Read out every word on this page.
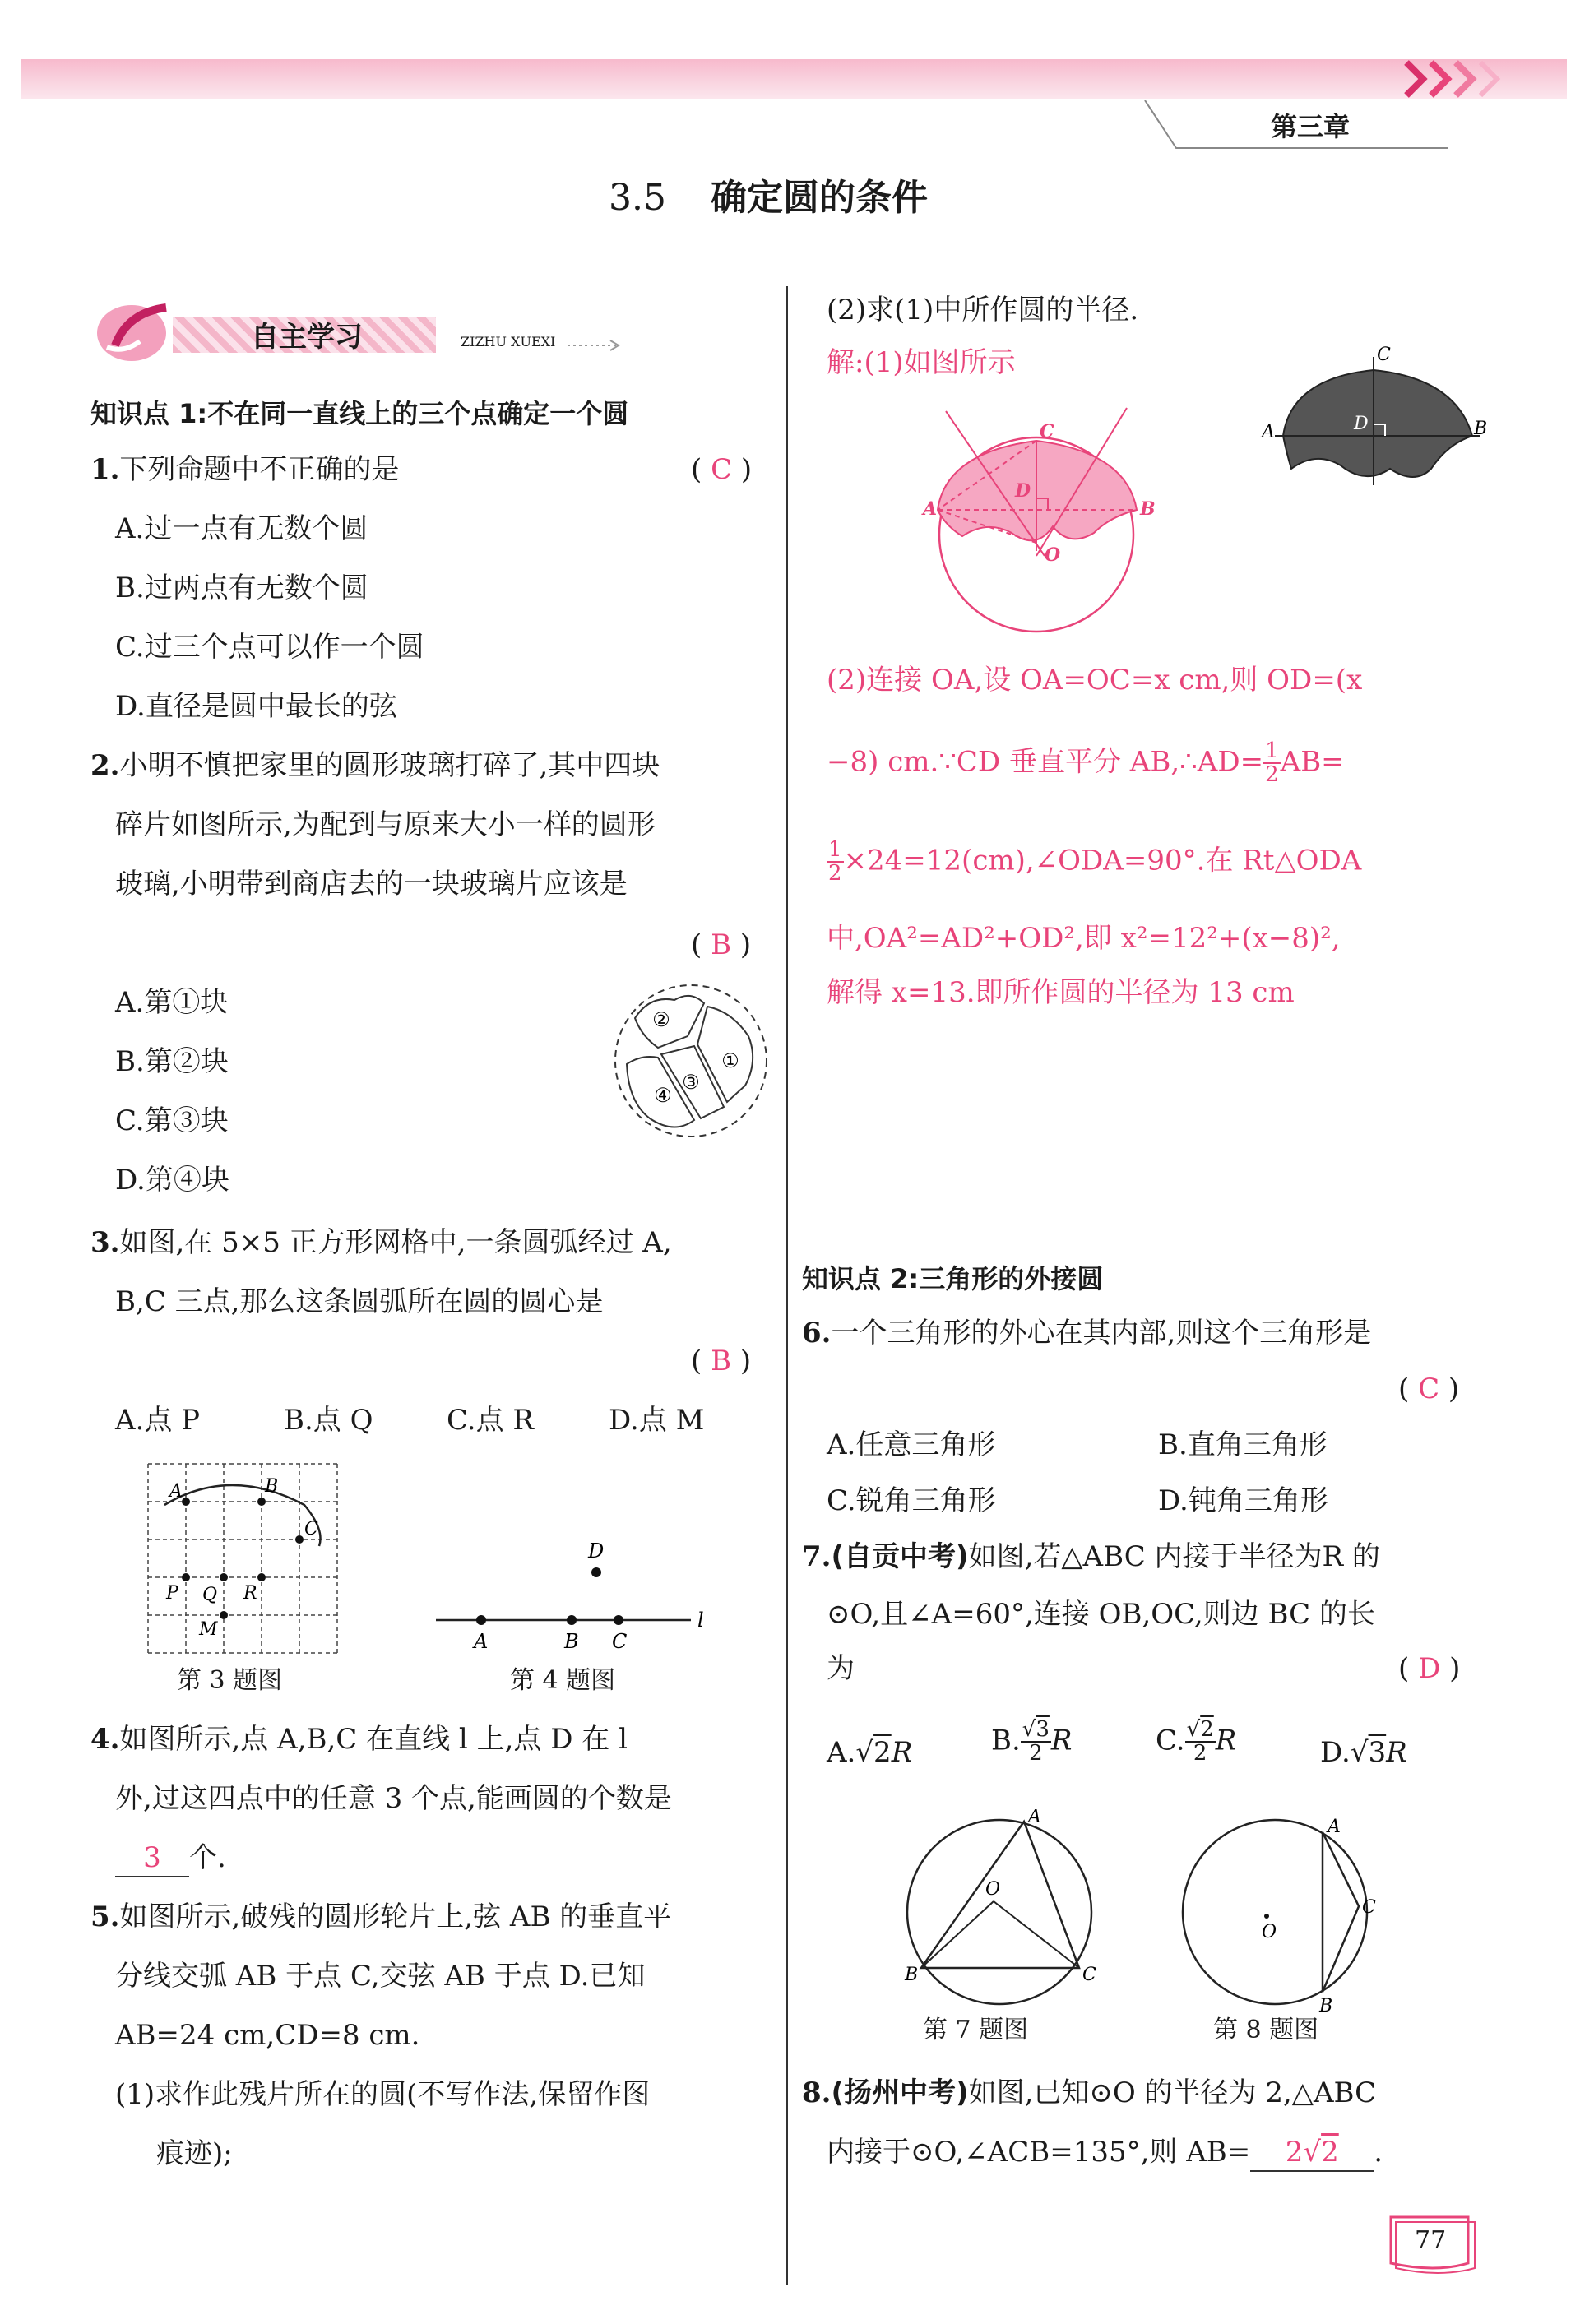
第三章
3.5 确定圆的条件
自主学习	ZIZHU XUEXI
知识点 1:不在同一直线上的三个点确定一个圆
1.下列命题中不正确的是	( C )
A.过一点有无数个圆
B.过两点有无数个圆
C.过三个点可以作一个圆
D.直径是圆中最长的弦
2.小明不慎把家里的圆形玻璃打碎了,其中四块
碎片如图所示,为配到与原来大小一样的圆形
玻璃,小明带到商店去的一块玻璃片应该是
( B )
A.第①块
B.第②块
C.第③块
D.第④块
①
②
③
④
3.如图,在 5×5 正方形网格中,一条圆弧经过 A,
B,C 三点,那么这条圆弧所在圆的圆心是
( B )
A.点 P	B.点 Q	C.点 R	D.点 M
A	B
C
P Q R
M
第 3 题图
D
A	B C
l
第 4 题图
4.如图所示,点 A,B,C 在直线 l 上,点 D 在 l
外,过这四点中的任意 3 个点,能画圆的个数是
3 个.
5.如图所示,破残的圆形轮片上,弦 AB 的垂直平
分线交弧 AB 于点 C,交弦 AB 于点 D.已知
AB=24 cm,CD=8 cm.
(1)求作此残片所在的圆(不写作法,保留作图
痕迹);
(2)求(1)中所作圆的半径.
解:(1)如图所示
A	B
C
D
O
A	B
C
D
(2)连接 OA,设 OA=OC=x cm,则 OD=(x
−8) cm.∵CD 垂直平分 AB,∴AD= $\frac{1}{2} AB=$
$\frac{1}{2}$ ×24=12(cm),∠ODA=90°.在 Rt△ODA
中,OA²=AD²+OD²,即 x²=12²+(x−8)²,
解得 x=13.即所作圆的半径为 13 cm
知识点 2:三角形的外接圆
6.一个三角形的外心在其内部,则这个三角形是
( C )
A.任意三角形	B.直角三角形
C.锐角三角形	D.钝角三角形
7.(自贡中考)如图,若△ABC 内接于半径为R 的
⊙O,且∠A=60°,连接 OB,OC,则边 BC 的长
为	( D )
A.√2R	B. $\frac{√3}{2}$ R	C. $\frac{√2}{2}$ R	D.√3R
A
B	C
O
第 7 题图
A
B
C
O
第 8 题图
8.(扬州中考)如图,已知⊙O 的半径为 2,△ABC
内接于⊙O,∠ACB=135°,则 AB= 2√2 .
77
